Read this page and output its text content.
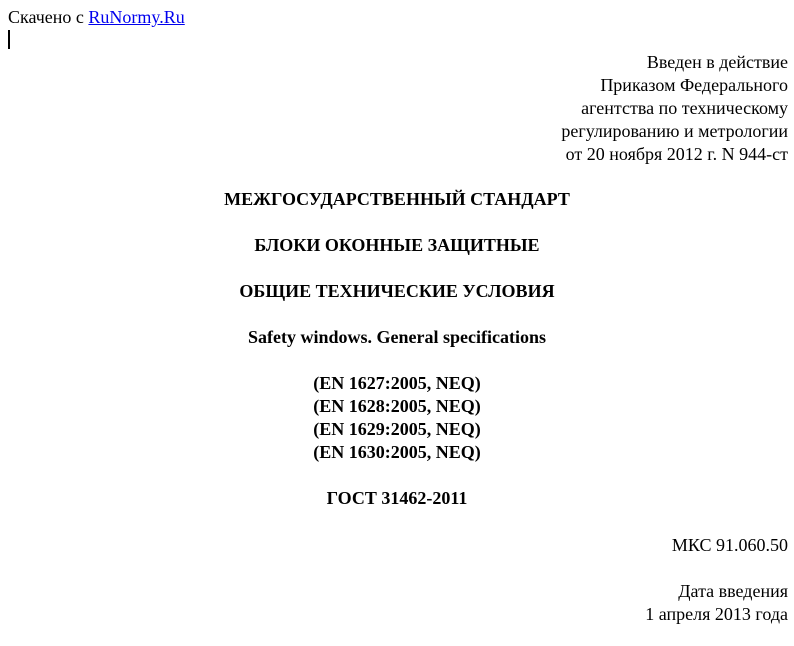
Скачено с RuNormy.Ru
Введен в действие
Приказом Федерального
агентства по техническому
регулированию и метрологии
от 20 ноября 2012 г. N 944-ст
МЕЖГОСУДАРСТВЕННЫЙ СТАНДАРТ
БЛОКИ ОКОННЫЕ ЗАЩИТНЫЕ
ОБЩИЕ ТЕХНИЧЕСКИЕ УСЛОВИЯ
Safety windows. General specifications
(EN 1627:2005, NEQ)
(EN 1628:2005, NEQ)
(EN 1629:2005, NEQ)
(EN 1630:2005, NEQ)
ГОСТ 31462-2011
МКС 91.060.50
Дата введения
1 апреля 2013 года
